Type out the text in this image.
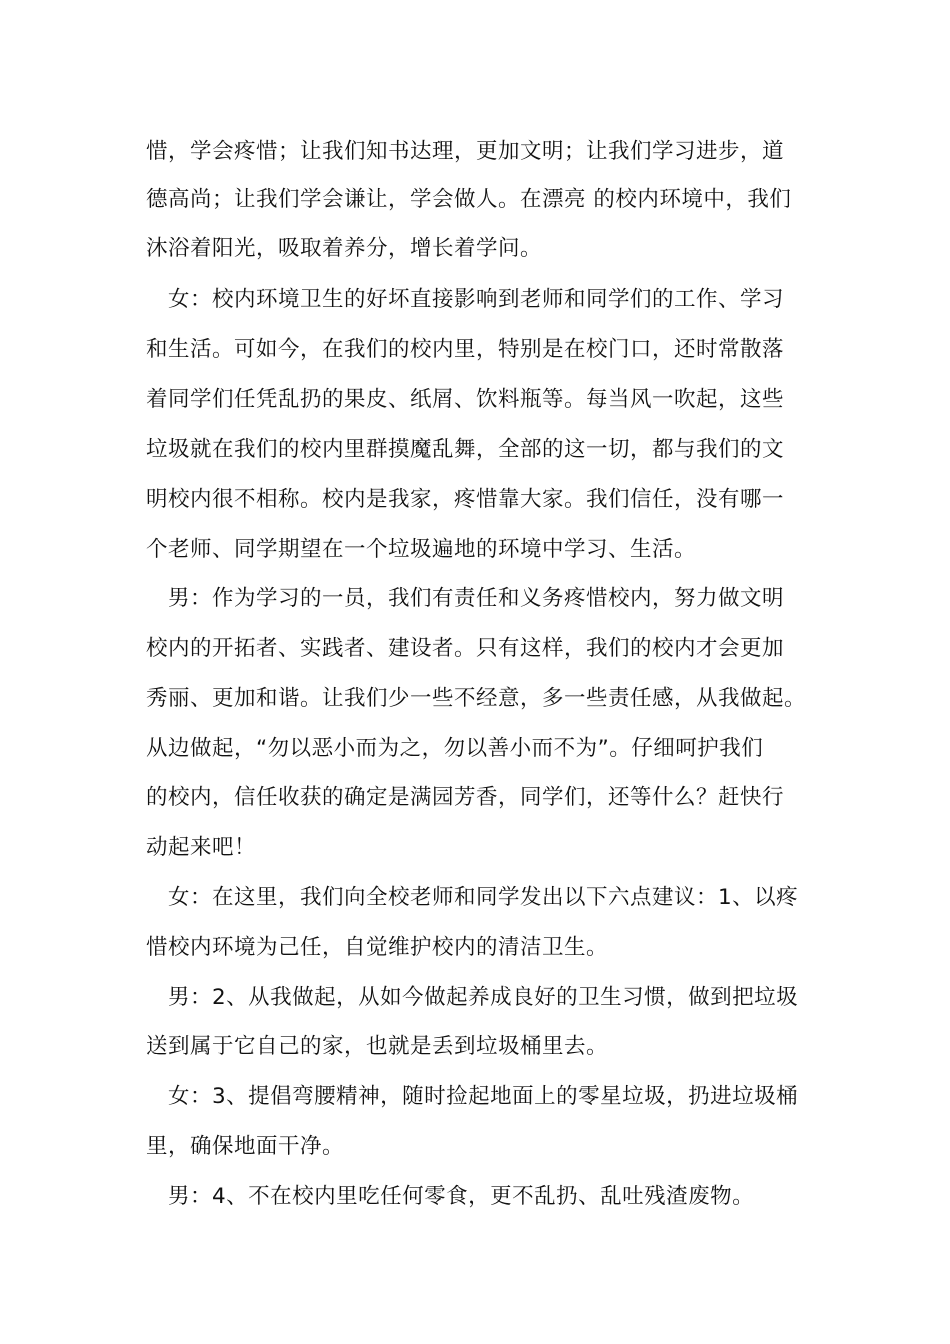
惜，学会疼惜；让我们知书达理，更加文明；让我们学习进步，道
德高尚；让我们学会谦让，学会做人。在漂亮 的校内环境中，我们
沐浴着阳光，吸取着养分，增长着学问。
女：校内环境卫生的好坏直接影响到老师和同学们的工作、学习
和生活。可如今，在我们的校内里，特别是在校门口，还时常散落
着同学们任凭乱扔的果皮、纸屑、饮料瓶等。每当风一吹起，这些
垃圾就在我们的校内里群摸魔乱舞，全部的这一切，都与我们的文
明校内很不相称。校内是我家，疼惜靠大家。我们信任，没有哪一
个老师、同学期望在一个垃圾遍地的环境中学习、生活。
男：作为学习的一员，我们有责任和义务疼惜校内，努力做文明
校内的开拓者、实践者、建设者。只有这样，我们的校内才会更加
秀丽、更加和谐。让我们少一些不经意，多一些责任感，从我做起。
从边做起，“勿以恶小而为之，勿以善小而不为”。仔细呵护我们
的校内，信任收获的确定是满园芳香，同学们，还等什么？赶快行
动起来吧！
女：在这里，我们向全校老师和同学发出以下六点建议：1、以疼
惜校内环境为己任，自觉维护校内的清洁卫生。
男：2、从我做起，从如今做起养成良好的卫生习惯，做到把垃圾
送到属于它自己的家，也就是丢到垃圾桶里去。
女：3、提倡弯腰精神，随时捡起地面上的零星垃圾，扔进垃圾桶
里，确保地面干净。
男：4、不在校内里吃任何零食，更不乱扔、乱吐残渣废物。
